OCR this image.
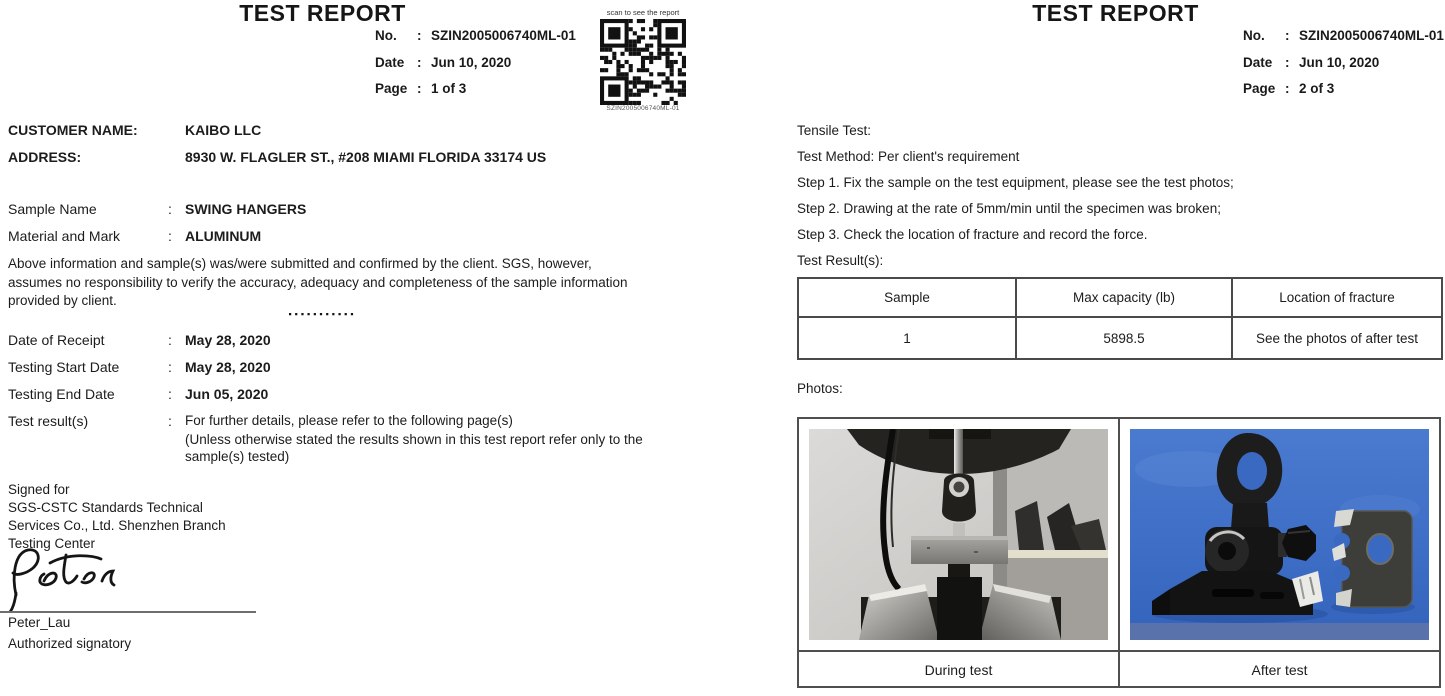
TEST REPORT
No.	: SZIN2005006740ML-01
Date : Jun 10, 2020
Page : 1 of 3
scan to see the report
SZIN2005006740ML-01
CUSTOMER NAME:	KAIBO LLC
ADDRESS:	8930 W. FLAGLER ST., #208 MIAMI FLORIDA 33174 US
Sample Name	: SWING HANGERS
Material and Mark	: ALUMINUM
Above information and sample(s) was/were submitted and confirmed by the client. SGS, however, assumes no responsibility to verify the accuracy, adequacy and completeness of the sample information provided by client.
▪▪▪▪▪▪▪▪▪▪▪
Date of Receipt	: May 28, 2020
Testing Start Date	: May 28, 2020
Testing End Date	: Jun 05, 2020
Test result(s)	: For further details, please refer to the following page(s)
(Unless otherwise stated the results shown in this test report refer only to the sample(s) tested)
Signed for
SGS-CSTC Standards Technical
Services Co., Ltd. Shenzhen Branch
Testing Center
Peter_Lau
Authorized signatory
TEST REPORT
No.	: SZIN2005006740ML-01
Date : Jun 10, 2020
Page : 2 of 3
Tensile Test:
Test Method: Per client's requirement
Step 1. Fix the sample on the test equipment, please see the test photos;
Step 2. Drawing at the rate of 5mm/min until the specimen was broken;
Step 3. Check the location of fracture and record the force.
Test Result(s):
Sample	Max capacity (lb)	Location of fracture
1	5898.5	See the photos of after test
Photos:
During test	After test
